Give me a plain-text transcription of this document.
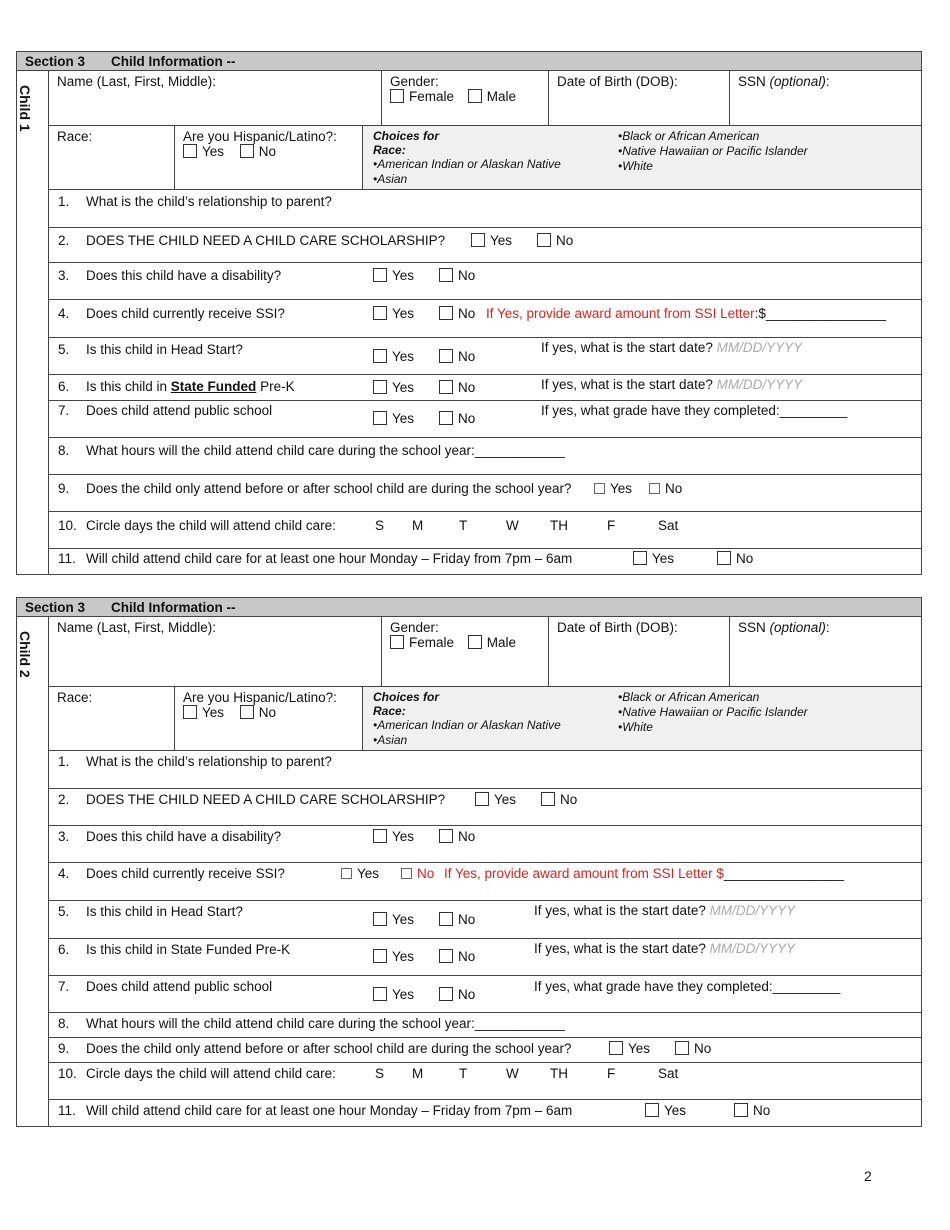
Section 3 Child Information --
Child 1
Name (Last, First, Middle):	Gender:
Female Male
Date of Birth (DOB):	SSN (optional):
Race:	Are you Hispanic/Latino?:
Yes	No
Choices for
Race:
•American Indian or Alaskan Native
•Asian
•Black or African American
•Native Hawaiian or Pacific Islander
•White
1. What is the child’s relationship to parent?
2. DOES THE CHILD NEED A CHILD CARE SCHOLARSHIP?	Yes	No
3. Does this child have a disability?	Yes	No
4. Does child currently receive SSI?	Yes	No If Yes, provide award amount from SSI Letter:$________________
5. Is this child in Head Start?	Yes	No
If yes, what is the start date? MM/DD/YYYY
6. Is this child in State Funded Pre-K	Yes	No	If yes, what is the start date? MM/DD/YYYY
7. Does child attend public school
Yes	No
If yes, what grade have they completed:_________
8. What hours will the child attend child care during the school year:____________
9. Does the child only attend before or after school child are during the school year?	Yes	No
10. Circle days the child will attend child care:	S M	T	W TH	F	Sat
11. Will child attend child care for at least one hour Monday – Friday from 7pm – 6am	Yes	No
Section 3 Child Information --
Child 2
Name (Last, First, Middle):	Gender:
Female Male
Date of Birth (DOB):	SSN (optional):
Race:	Are you Hispanic/Latino?:
Yes	No
Choices for
Race:
•American Indian or Alaskan Native
•Asian
•Black or African American
•Native Hawaiian or Pacific Islander
•White
1. What is the child’s relationship to parent?
2. DOES THE CHILD NEED A CHILD CARE SCHOLARSHIP?	Yes	No
3. Does this child have a disability?	Yes	No
4. Does child currently receive SSI?	Yes	No If Yes, provide award amount from SSI Letter $________________
5. Is this child in Head Start?
Yes	No
If yes, what is the start date? MM/DD/YYYY
6. Is this child in State Funded Pre-K	Yes	No
If yes, what is the start date? MM/DD/YYYY
7. Does child attend public school
Yes	No
If yes, what grade have they completed:_________
8. What hours will the child attend child care during the school year:____________
9. Does the child only attend before or after school child are during the school year?	Yes	No
10. Circle days the child will attend child care:	S M	T	W TH	F	Sat
11. Will child attend child care for at least one hour Monday – Friday from 7pm – 6am	Yes	No
2
